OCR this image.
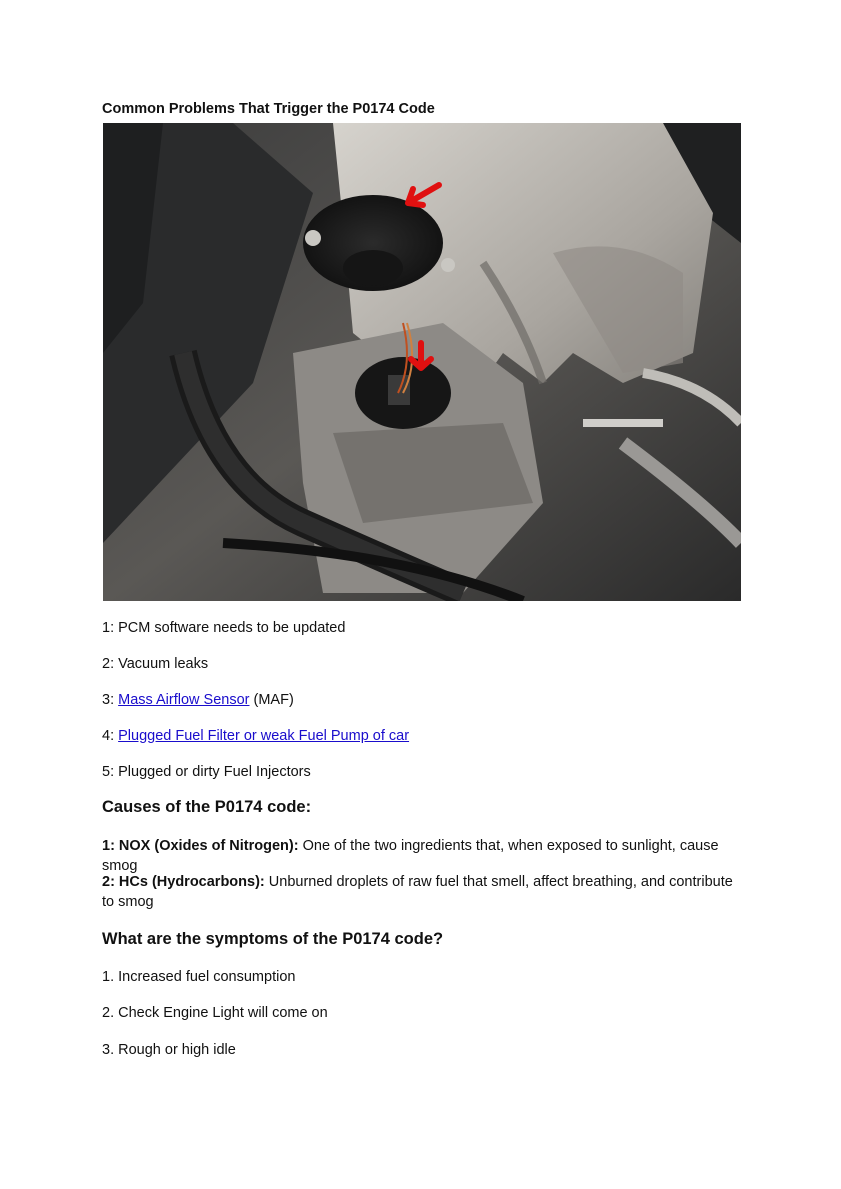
Common Problems That Trigger the P0174 Code

1: PCM software needs to be updated

2: Vacuum leaks

3: Mass Airflow Sensor (MAF)

4: Plugged Fuel Filter or weak Fuel Pump of car

5: Plugged or dirty Fuel Injectors

Causes of the P0174 code:

1: NOX (Oxides of Nitrogen): One of the two ingredients that, when exposed to sunlight, cause smog

2: HCs (Hydrocarbons): Unburned droplets of raw fuel that smell, affect breathing, and contribute to smog

What are the symptoms of the P0174 code?

1. Increased fuel consumption

2. Check Engine Light will come on

3. Rough or high idle
